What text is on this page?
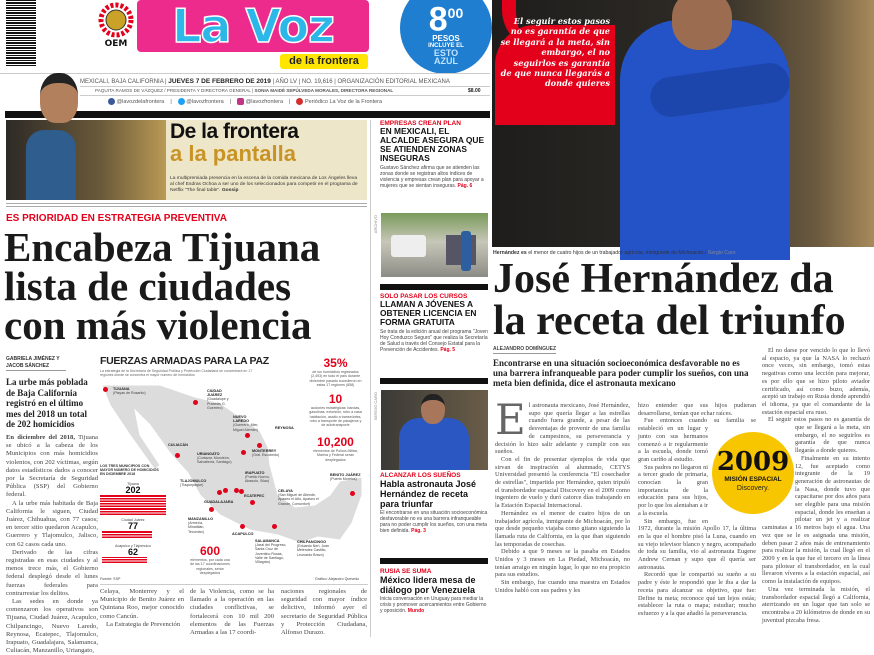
OEM La Voz
de la frontera
$8^{00}$
PESOS
INCLUYE EL
ESTO
AZUL
MEXICALI, BAJA CALIFORNIA | JUEVES 7 DE FEBRERO DE 2019 | AÑO LV | NO. 19,616 | ORGANIZACIÓN EDITORIAL MEXICANA
PAQUITA RAMOS DE VÁZQUEZ / PRESIDENTA Y DIRECTORA GENERAL | SONIA MAIDÉ SEPÚLVEDA MORALES, DIRECTORA REGIONAL	$8.00
@lavozdelafrontera |	@lavozfrontera |	@lavozfrontera |	Periódico La Voz de la Frontera
De la frontera
a la pantalla
La multipremiada presencia en la escena de la comida mexicana de Los Ángeles lleva al chef Esdras Ochoa a ser uno de los seleccionados para competir en el programa de Netflix "The final table". Gossip
ES PRIORIDAD EN ESTRATEGIA PREVENTIVA
Encabeza Tijuana
lista de ciudades
con más violencia
GABRIELA JIMÉNEZ Y JACOB SÁNCHEZ
La urbe más poblada de Baja California registró en el último mes del 2018 un total de 202 homicidios

En diciembre del 2018, Tijuana se ubicó a la cabeza de los Municipios con más homicidios violentos, con 202 víctimas, según datos estadísticos dados a conocer por la Secretaría de Seguridad Pública (SSP) del Gobierno federal.

A la urbe más habitada de Baja California le siguen, Ciudad Juárez, Chihuahua, con 77 casos; en tercer sitio quedaron Acapulco, Guerrero y Tlajomulco, Jalisco, con 62 casos cada uno.

Derivado de las cifras registradas en esas ciudades y al menos trece más, el Gobierno federal desplegó desde el lunes fuerzas federales para contrarrestar los delitos.

Las sedes en donde ya comenzaron los operativos son Tijuana, Ciudad Juárez, Acapulco, Chilpancingo, Nuevo Laredo, Reynosa, Ecatepec, Tlajomulco, Irapuato, Guadalajara, Salamanca, Culiacán, Manzanillo, Uriangato,

FUERZAS ARMADAS PARA LA PAZ
La estrategia de la Secretaría de Seguridad Pública y Protección Ciudadana se concentrará en 17 regiones donde se concentra el mayor número de homicidios
TIJUANA
(Playas de Rosarito)
CIUDAD JUÁREZ
(Guadalupe y Praxedis G. Guerrero)
NUEVO LAREDO
(Guerrero, Mier, Miguel Alemán)	REYNOSA
MONTERREY
(Gral. Escobedo)
CULIACÁN
URIANGATO
(Cortazar, Moroleón, Salvatierra, Santiago)
TLAJOMULCO
(Tlaquepaque)
IRAPUATO
(Pueblo Nuevo, Abasolo, Silao)
GUADALAJARA
ECATEPEC
CELAYA
(San Miguel de Allende, Apaseo el Alto, Apaseo el Grande, Comonfort)
BENITO JUÁREZ
(Puerto Morelos)
MANZANILLO
(Armería, Minatitlán, Tecomán)
ACAPULCO
SALAMANCA
(Jaral del Progreso, Santa Cruz de Juventino Rosas, Valle de Santiago, Villagrán)
CHILPANCINGO
(Eduardo Neri, Juan Meléndez Castillo, Leonardo Bravo)
35%
de los homicidios registrados (2,493) en todo el país durante diciembre pasado sucedieron en estas 17 regiones (858)
10
acciones estratégicas: bandas, gasolinas, extorsión, robo a casa habitación, asalto a transeúntes, robo a transporte de pasajeros y de autotransporte
10,200
elementos de Policía Militar, Marina y Federal serán desplegados
600
elementos, por cada una de las 17 coordinaciones regionales, serán desplegados
LOS TRES MUNICIPIOS CON MAYOR NÚMERO DE HOMICIDIOS EN DICIEMBRE 2018
Tijuana
202
Ciudad Juárez
77
Acapulco y Tlajomulco
62
Fuente: SSP	Gráfico: Alejandro Quevedo

Celaya, Monterrey y el Municipio de Benito Juárez en Quintana Roo, mejor conocido como Cancún.

La Estrategia de Prevención

de la Violencia, como se ha llamado a la operación en las ciudades conflictivas, se fortalecerá con 10 mil 200 elementos de las Fuerzas Armadas a las 17 coordi-
naciones regionales de seguridad con mayor índice delictivo, informó ayer el secretario de Seguridad Pública y Protección Ciudadana, Alfonso Durazo.
EMPRESAS CREAN PLAN
EN MEXICALI, EL ALCALDE ASEGURA QUE SE ATIENDEN ZONAS INSEGURAS
Gustavo Sánchez afirma que se atienden las zonas donde se registran altos índices de violencia y empresas crean plan para apoyar a mujeres que se sientan inseguras. Pág. 6
ARCHIVO
SOLO PASAR LOS CURSOS
LLAMAN A JÓVENES A OBTENER LICENCIA EN FORMA GRATUITA
Se trata de la edición anual del programa "Joven Hoy Conduzco Seguro" que realiza la Secretaría de Salud a través del Consejo Estatal para la Prevención de Accidentes. Pág. 5
SERGIO CARO
ALCANZAR LOS SUEÑOS
Habla astronauta José Hernández de receta para triunfar
El encontrarse en una situación socioeconómica desfavorable no es una barrera infranqueable para no poder cumplir los sueños, con una meta bien definida. Pág. 3
RUSIA SE SUMA
México lidera mesa de diálogo por Venezuela
Inicia conversación en Uruguay para mediar la crisis y promover acercamientos entre Gobierno y oposición. Mundo
El seguir estos pasos no es garantía de que se llegará a la meta, sin embargo, el no seguirlos es garantía de que nunca llegarás a donde quieres
Hernández es el menor de cuatro hijos de un trabajador agrícola, inmigrante de Michoacán./ Sergio Caro
José Hernández da
la receta del triunfo
ALEJANDRO DOMÍNGUEZ
Encontrarse en una situación socioeconómica desfavorable no es una barrera infranqueable para poder cumplir los sueños, con una meta bien definida, dice el astronauta mexicano
E l astronauta mexicano, José Hernández, supo que quería llegar a las estrellas cuando fuera grande, a pesar de las desventajas de provenir de una familia de campesinos, su perseverancia y decisión lo hizo salir adelante y cumplir con sus sueños.

Con el fin de presentar ejemplos de vida que sirvan de inspiración al alumnado, CETYS Universidad presentó la conferencia "El cosechador de estrellas", impartida por Hernández, quien tripuló el transbordador espacial Discovery en el 2009 como ingeniero de vuelo y duró catorce días trabajando en la Estación Espacial Internacional.

Hernández es el menor de cuatro hijos de un trabajador agrícola, inmigrante de Michoacán, por lo que desde pequeño viajaba como gitano siguiendo la llamada ruta de California, en la que iban siguiendo las temporadas de cosechas.

Debido a que 9 meses se la pasaba en Estados Unidos y 3 meses en La Piedad, Michoacán, no tenían arraigo en ningún lugar, lo que no era propicio para sus estudios.

Sin embargo, fue cuando una maestra en Estados Unidos habló con sus padres y les

hizo entender que sus hijos pudieran desarrollarse, tenían que echar raíces.

Fue entonces cuando su familia se estableció en un lugar y junto con sus hermanos comenzó a ir regularmente a la escuela, donde tomó gran cariño al estudio.

Sus padres no llegaron ni a tercer grado de primaria, conocían la gran importancia de la educación para sus hijos, por lo que los alentaban a ir a la escuela.

Sin embargo, fue en 1972, durante la misión Apollo 17, la última en la que el hombre pisó la Luna, cuando en su viejo televisor blanco y negro, acompañado de toda su familia, vio al astronauta Eugene Andrew Cernan y supo que él quería ser astronauta.

Recordó que le compartió su sueño a su padre y éste le respondió que le iba a dar la receta para alcanzar su objetivo, que fue: Define tu meta; reconoce qué tan lejos estás; establecer la ruta o mapa; estudiar; mucho esfuerzo y a la que añadió la perseverancia.

El no darse por vencido lo que lo llevó al espacio, ya que la NASA lo rechazó once veces, sin embargo, tomó estas negativas como una lección para mejorar, es por ello que se hizo piloto aviador certificado, así como buzo, además, aceptó un trabajo en Rusia donde aprendió el idioma, ya que el comandante de la estación espacial era ruso.

El seguir estos pasos no es garantía de que se llegará a la meta, sin embargo, el no seguirlos es garantía de que nunca llegarás a donde quieres.

Finalmente en su intento 12, fue aceptado como integrante de la 19 generación de astronautas de la Nasa, donde tuvo que capacitarse por dos años para ser elegible para una misión espacial, donde les enseñan a pilotar un jet y a realizar caminatas a 16 metros bajo el agua. Una vez que se le es asignada una misión, deben pasar 2 años más de entrenamiento para realizar la misión, la cual llegó en el 2009 y en la que fue el tercero en la línea para pilotear el transbordador, en la cual llevaron víveres a la estación espacial, así como la instalación de equipos.

Una vez terminada la misión, el transbordador espacial llegó a California, aterrizando en un lugar que tan solo se encontraba a 20 kilómetros de donde en su juventud pizcaba fresa.

2009
MISIÓN ESPACIAL
Discovery.
